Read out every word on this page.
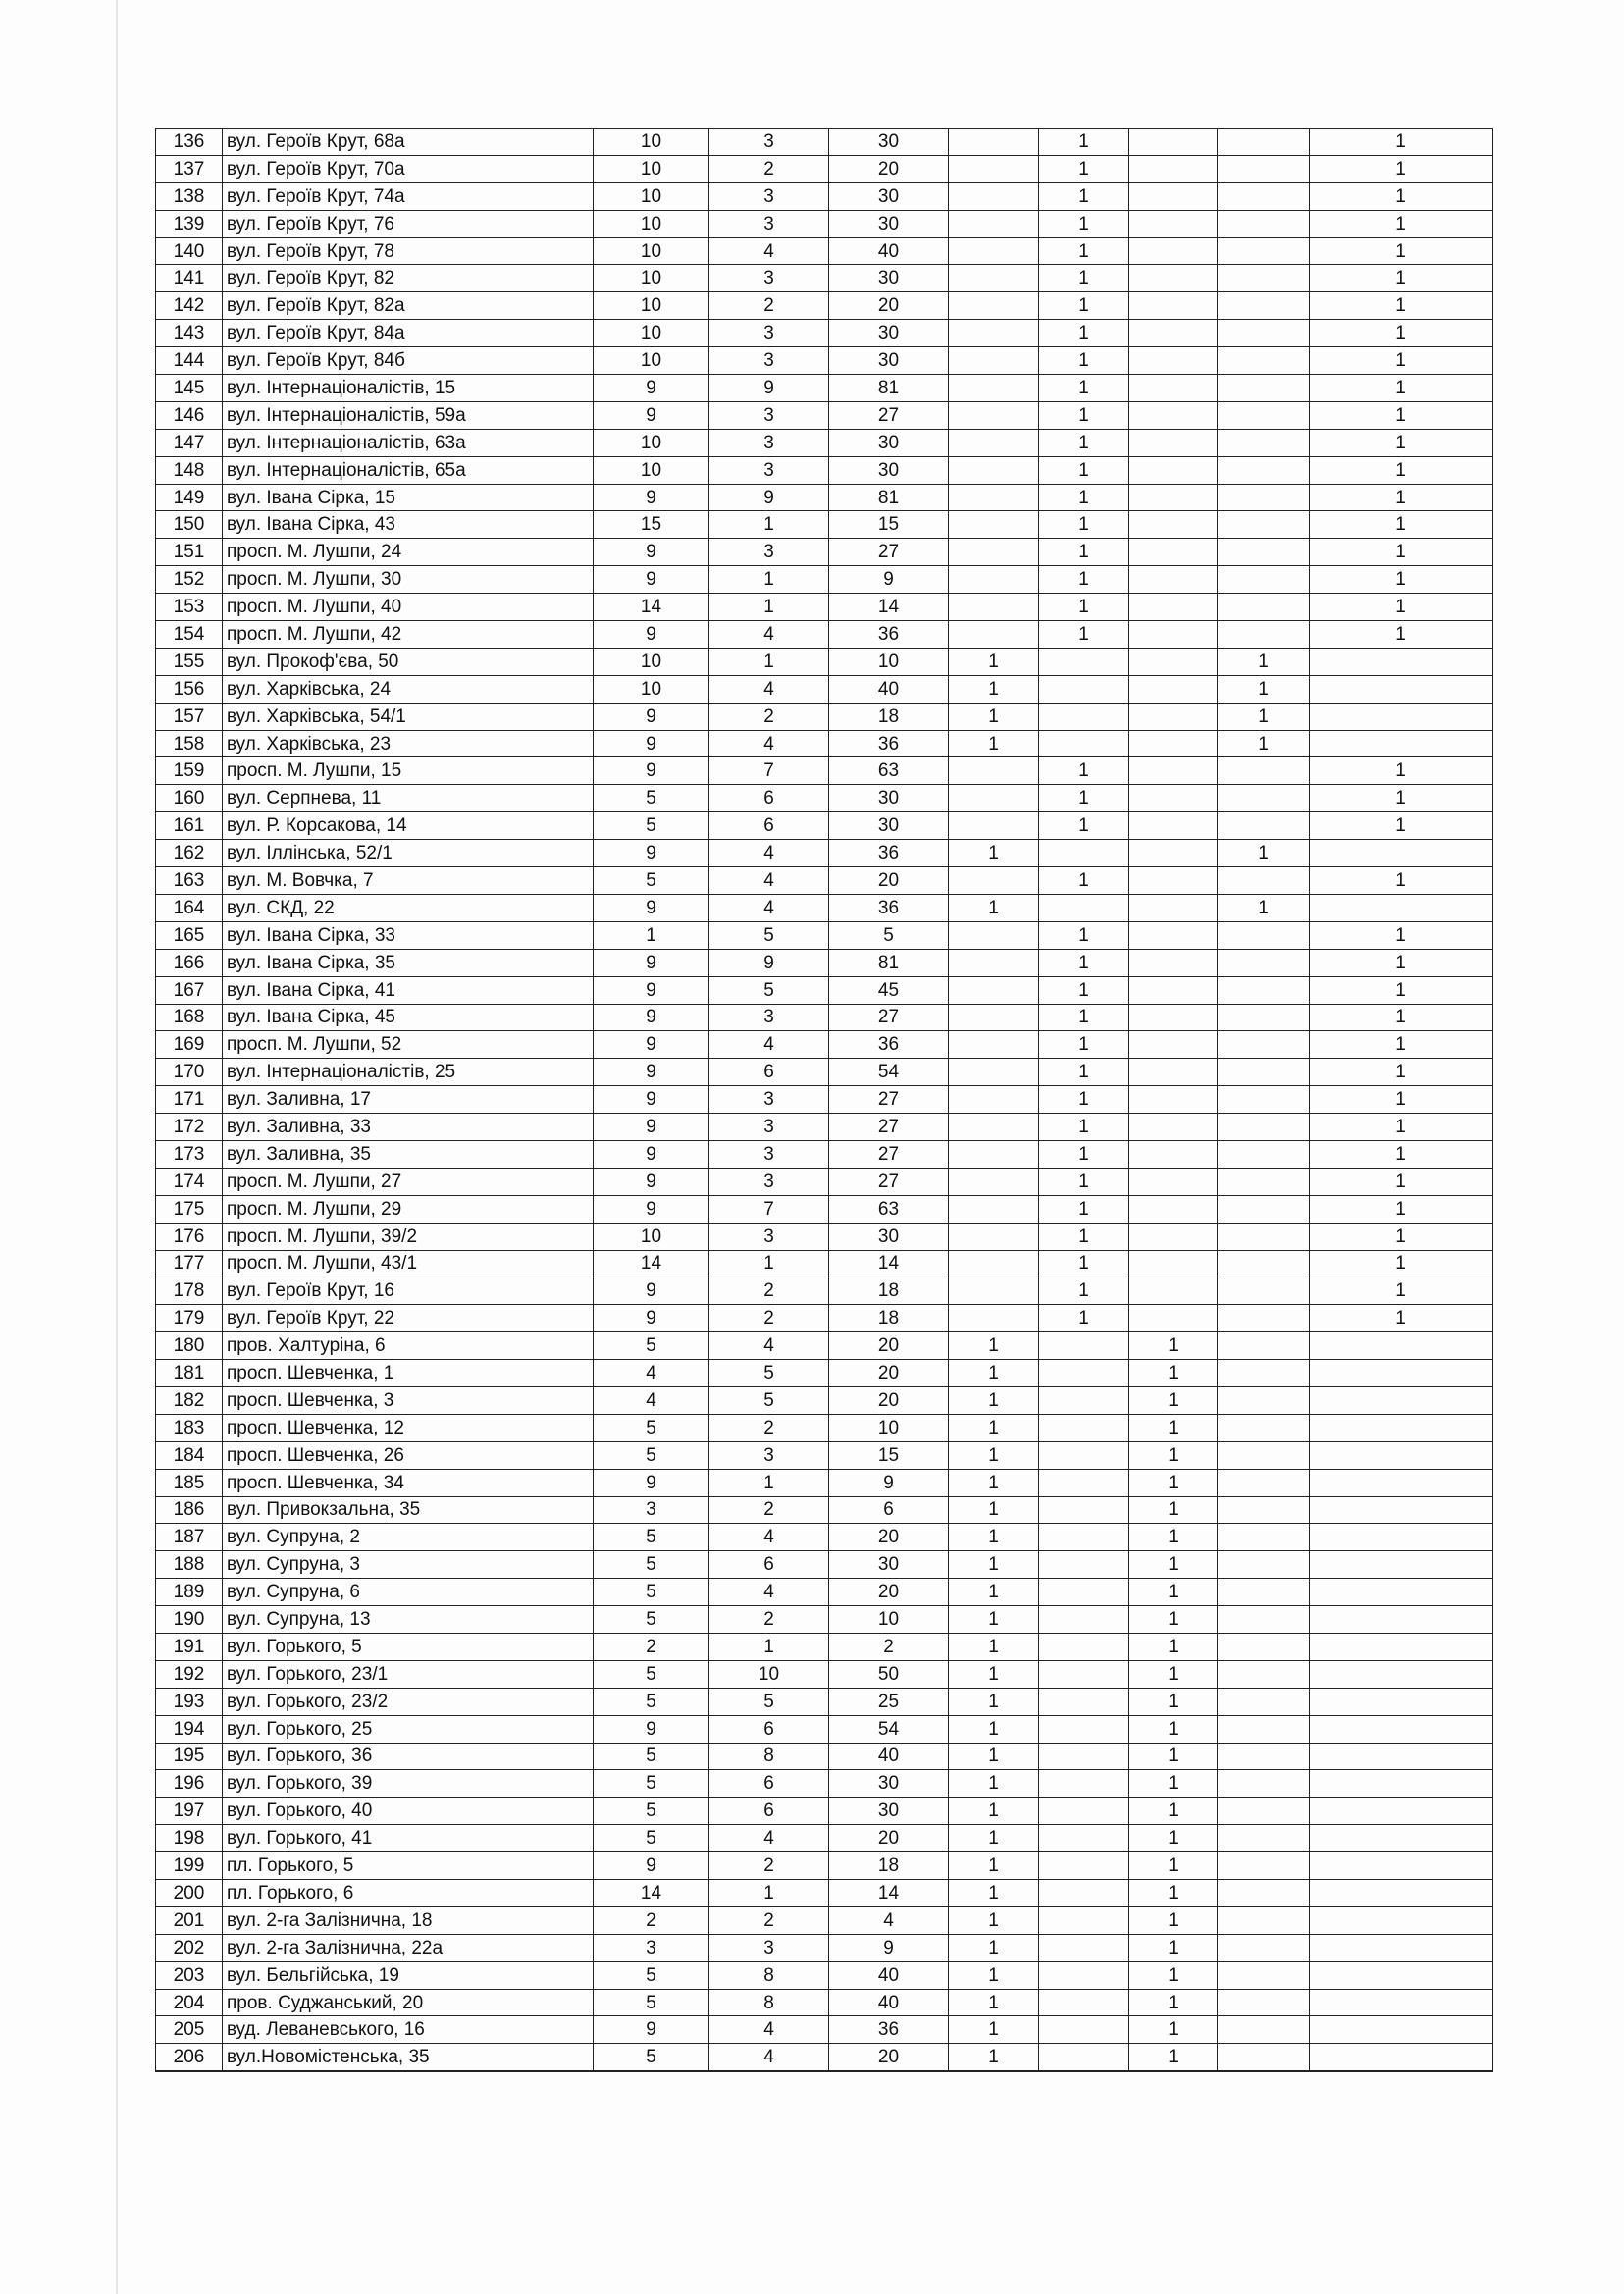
136	вул. Героїв Крут, 68а	10	3	30		1			1	
137	вул. Героїв Крут, 70а	10	2	20		1			1	
138	вул. Героїв Крут, 74а	10	3	30		1			1	
139	вул. Героїв Крут, 76	10	3	30		1			1	
140	вул. Героїв Крут, 78	10	4	40		1			1	
141	вул. Героїв Крут, 82	10	3	30		1			1	
142	вул. Героїв Крут, 82а	10	2	20		1			1	
143	вул. Героїв Крут, 84а	10	3	30		1			1	
144	вул. Героїв Крут, 84б	10	3	30		1			1	
145	вул. Інтернаціоналістів, 15	9	9	81		1			1	
146	вул. Інтернаціоналістів, 59а	9	3	27		1			1	
147	вул. Інтернаціоналістів, 63а	10	3	30		1			1	
148	вул. Інтернаціоналістів, 65а	10	3	30		1			1	
149	вул. Івана Сірка, 15	9	9	81		1			1	
150	вул. Івана Сірка, 43	15	1	15		1			1	
151	просп. М. Лушпи, 24	9	3	27		1			1	
152	просп. М. Лушпи, 30	9	1	9		1			1	
153	просп. М. Лушпи, 40	14	1	14		1			1	
154	просп. М. Лушпи, 42	9	4	36		1			1	
155	вул. Прокоф'єва, 50	10	1	10	1			1		
156	вул. Харківська, 24	10	4	40	1			1		
157	вул. Харківська, 54/1	9	2	18	1			1		
158	вул. Харківська, 23	9	4	36	1			1		
159	просп. М. Лушпи, 15	9	7	63		1			1	
160	вул. Серпнева, 11	5	6	30		1			1	
161	вул. Р. Корсакова, 14	5	6	30		1			1	
162	вул. Іллінська, 52/1	9	4	36	1			1		
163	вул. М. Вовчка, 7	5	4	20		1			1	
164	вул. СКД, 22	9	4	36	1			1		
165	вул. Івана Сірка, 33	1	5	5		1			1	
166	вул. Івана Сірка, 35	9	9	81		1			1	
167	вул. Івана Сірка, 41	9	5	45		1			1	
168	вул. Івана Сірка, 45	9	3	27		1			1	
169	просп. М. Лушпи, 52	9	4	36		1			1	
170	вул. Інтернаціоналістів, 25	9	6	54		1			1	
171	вул. Заливна, 17	9	3	27		1			1	
172	вул. Заливна, 33	9	3	27		1			1	
173	вул. Заливна, 35	9	3	27		1			1	
174	просп. М. Лушпи, 27	9	3	27		1			1	
175	просп. М. Лушпи, 29	9	7	63		1			1	
176	просп. М. Лушпи, 39/2	10	3	30		1			1	
177	просп. М. Лушпи, 43/1	14	1	14		1			1	
178	вул. Героїв Крут, 16	9	2	18		1			1	
179	вул. Героїв Крут, 22	9	2	18		1			1	
180	пров. Халтуріна, 6	5	4	20	1		1			
181	просп. Шевченка, 1	4	5	20	1		1			
182	просп. Шевченка, 3	4	5	20	1		1			
183	просп. Шевченка, 12	5	2	10	1		1			
184	просп. Шевченка, 26	5	3	15	1		1			
185	просп. Шевченка, 34	9	1	9	1		1			
186	вул. Привокзальна, 35	3	2	6	1		1			
187	вул. Супруна, 2	5	4	20	1		1			
188	вул. Супруна, 3	5	6	30	1		1			
189	вул. Супруна, 6	5	4	20	1		1			
190	вул. Супруна, 13	5	2	10	1		1			
191	вул. Горького, 5	2	1	2	1		1			
192	вул. Горького, 23/1	5	10	50	1		1			
193	вул. Горького, 23/2	5	5	25	1		1			
194	вул. Горького, 25	9	6	54	1		1			
195	вул. Горького, 36	5	8	40	1		1			
196	вул. Горького, 39	5	6	30	1		1			
197	вул. Горького, 40	5	6	30	1		1			
198	вул. Горького, 41	5	4	20	1		1			
199	пл. Горького, 5	9	2	18	1		1			
200	пл. Горького, 6	14	1	14	1		1			
201	вул. 2-га Залізнична, 18	2	2	4	1		1			
202	вул. 2-га Залізнична, 22а	3	3	9	1		1			
203	вул. Бельгійська, 19	5	8	40	1		1			
204	пров. Суджанський, 20	5	8	40	1		1			
205	вуд. Леваневського, 16	9	4	36	1		1			
206	вул.Новомістенська, 35	5	4	20	1		1			
